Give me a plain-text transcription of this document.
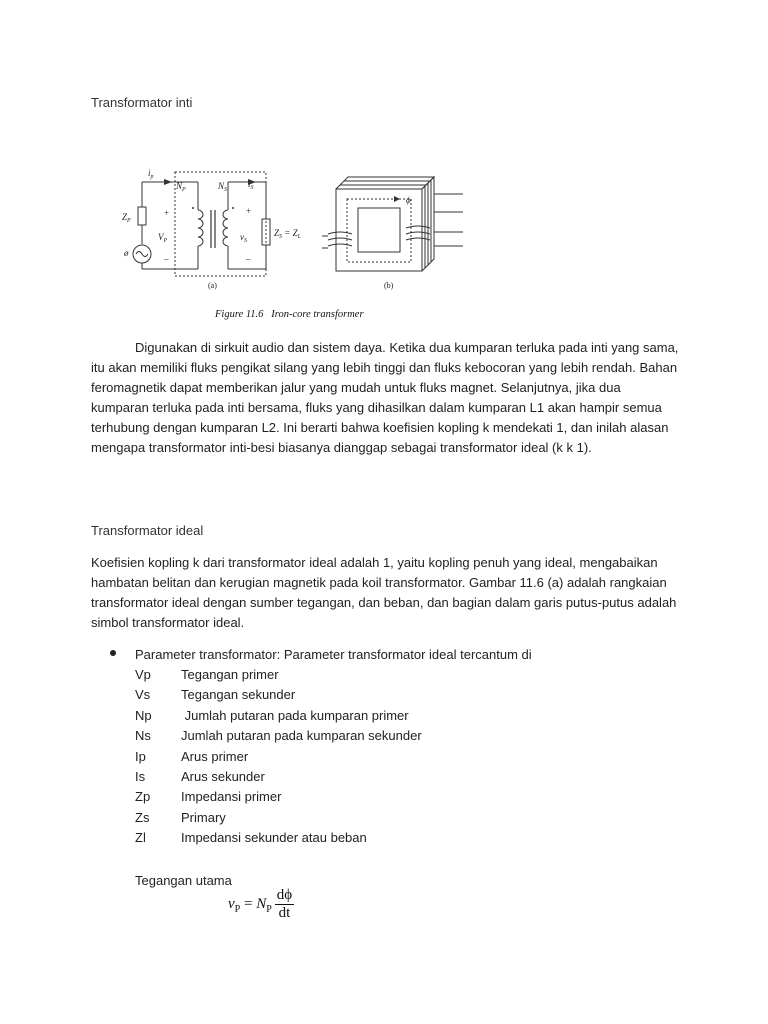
Transformator inti
$i_p$
$N_P$	$N_S$
$i_S$
$Z_P$
$V_P$	$v_S$
$Z_S = Z_L$
ø
+
–
+
–
(a)	(b)
ϕ
Figure 11.6   Iron-core transformer
Digunakan di sirkuit audio dan sistem daya. Ketika dua kumparan terluka pada inti yang sama, itu akan memiliki fluks pengikat silang yang lebih tinggi dan fluks kebocoran yang lebih rendah. Bahan feromagnetik dapat memberikan jalur yang mudah untuk fluks magnet. Selanjutnya, jika dua kumparan terluka pada inti bersama, fluks yang dihasilkan dalam kumparan L1 akan hampir semua terhubung dengan kumparan L2. Ini berarti bahwa koefisien kopling k mendekati 1, dan inilah alasan mengapa transformator inti-besi biasanya dianggap sebagai transformator ideal (k k 1).
Transformator ideal
Koefisien kopling k dari transformator ideal adalah 1, yaitu kopling penuh yang ideal, mengabaikan hambatan belitan dan kerugian magnetik pada koil transformator. Gambar 11.6 (a) adalah rangkaian transformator ideal dengan sumber tegangan, dan beban, dan bagian dalam garis putus-putus adalah simbol transformator ideal.
Parameter transformator: Parameter transformator ideal tercantum di
Vp	Tegangan primer
Vs	Tegangan sekunder
Np	Jumlah putaran pada kumparan primer
Ns	Jumlah putaran pada kumparan sekunder
Ip	Arus primer
Is	Arus sekunder
Zp	Impedansi primer
Zs	Primary
Zl	Impedansi sekunder atau beban
Tegangan utama
$v_P = N_P \frac{d\phi}{dt}$
